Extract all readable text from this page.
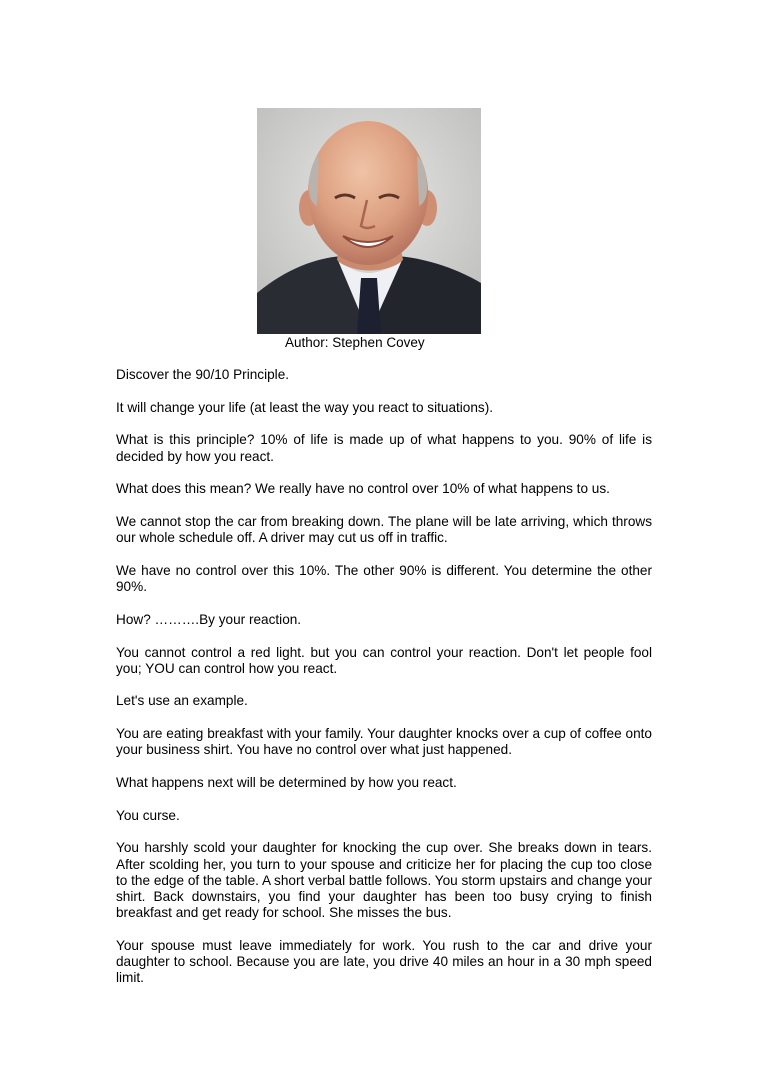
Author: Stephen Covey

Discover the 90/10 Principle.

It will change your life (at least the way you react to situations).

What is this principle? 10% of life is made up of what happens to you. 90% of life is decided by how you react.

What does this mean? We really have no control over 10% of what happens to us.

We cannot stop the car from breaking down. The plane will be late arriving, which throws our whole schedule off. A driver may cut us off in traffic.

We have no control over this 10%. The other 90% is different. You determine the other 90%.

How? ……….By your reaction.

You cannot control a red light. but you can control your reaction. Don't let people fool you; YOU can control how you react.

Let's use an example.

You are eating breakfast with your family. Your daughter knocks over a cup of coffee onto your business shirt. You have no control over what just happened.

What happens next will be determined by how you react.

You curse.

You harshly scold your daughter for knocking the cup over. She breaks down in tears. After scolding her, you turn to your spouse and criticize her for placing the cup too close to the edge of the table. A short verbal battle follows. You storm upstairs and change your shirt. Back downstairs, you find your daughter has been too busy crying to finish breakfast and get ready for school. She misses the bus.

Your spouse must leave immediately for work. You rush to the car and drive your daughter to school. Because you are late, you drive 40 miles an hour in a 30 mph speed limit.
